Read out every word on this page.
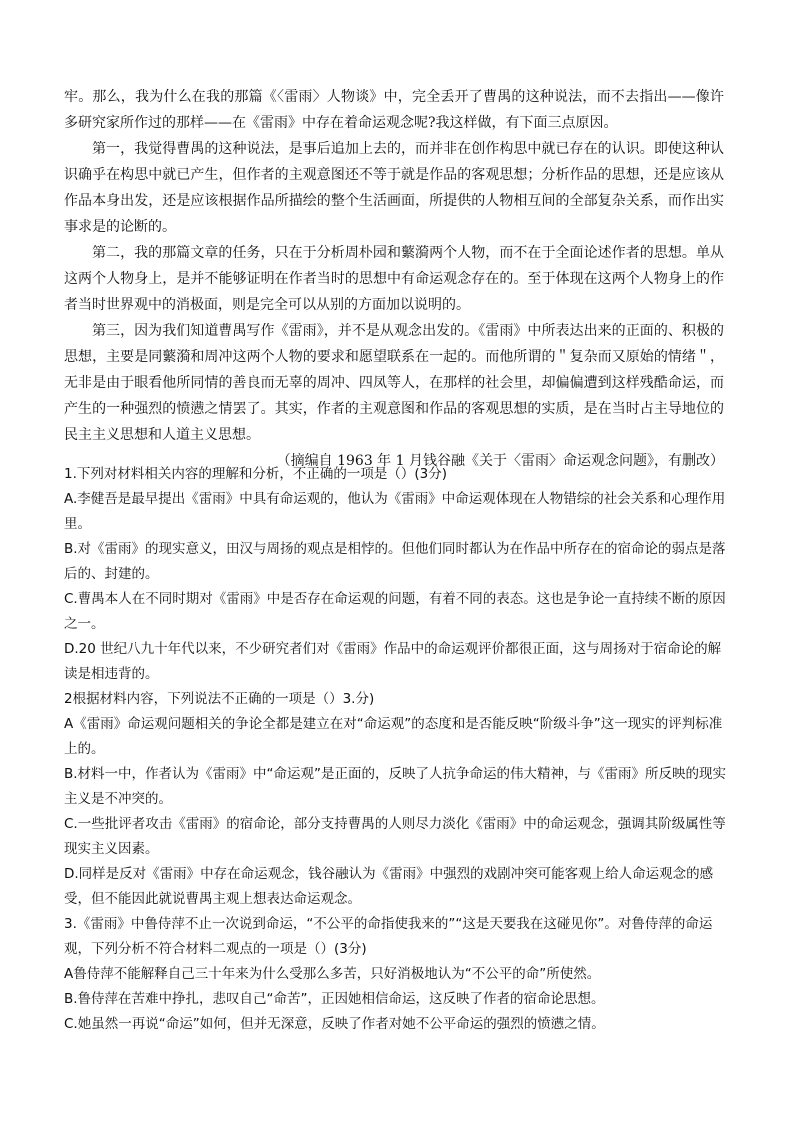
牢。那么，我为什么在我的那篇《〈雷雨〉人物谈》中，完全丢开了曹禺的这种说法，而不去指出——像许多研究家所作过的那样——在《雷雨》中存在着命运观念呢?我这样做，有下面三点原因。

第一，我觉得曹禺的这种说法，是事后追加上去的，而并非在创作构思中就已存在的认识。即使这种认识确乎在构思中就已产生，但作者的主观意图还不等于就是作品的客观思想；分析作品的思想，还是应该从作品本身出发，还是应该根据作品所描绘的整个生活画面，所提供的人物相互间的全部复杂关系，而作出实事求是的论断的。

第二，我的那篇文章的任务，只在于分析周朴园和蘩漪两个人物，而不在于全面论述作者的思想。单从这两个人物身上，是并不能够证明在作者当时的思想中有命运观念存在的。至于体现在这两个人物身上的作者当时世界观中的消极面，则是完全可以从别的方面加以说明的。

第三，因为我们知道曹禺写作《雷雨》，并不是从观念出发的。《雷雨》中所表达出来的正面的、积极的思想，主要是同蘩漪和周冲这两个人物的要求和愿望联系在一起的。而他所谓的＂复杂而又原始的情绪＂，无非是由于眼看他所同情的善良而无辜的周冲、四凤等人，在那样的社会里，却偏偏遭到这样残酷命运，而产生的一种强烈的愤懑之情罢了。其实，作者的主观意图和作品的客观思想的实质，是在当时占主导地位的民主主义思想和人道主义思想。

（摘编自 1963 年 1 月钱谷融《关于〈雷雨〉命运观念问题》，有删改）

1.下列对材料相关内容的理解和分析，不正确的一项是（）(3分)

A.李健吾是最早提出《雷雨》中具有命运观的，他认为《雷雨》中命运观体现在人物错综的社会关系和心理作用里。

B.对《雷雨》的现实意义，田汉与周扬的观点是相悖的。但他们同时都认为在作品中所存在的宿命论的弱点是落后的、封建的。

C.曹禺本人在不同时期对《雷雨》中是否存在命运观的问题，有着不同的表态。这也是争论一直持续不断的原因之一。

D.20 世纪八九十年代以来，不少研究者们对《雷雨》作品中的命运观评价都很正面，这与周扬对于宿命论的解读是相违背的。

2根据材料内容，下列说法不正确的一项是（）3.分)

A《雷雨》命运观问题相关的争论全都是建立在对“命运观”的态度和是否能反映“阶级斗争”这一现实的评判标准上的。

B.材料一中，作者认为《雷雨》中“命运观”是正面的，反映了人抗争命运的伟大精神，与《雷雨》所反映的现实主义是不冲突的。

C.一些批评者攻击《雷雨》的宿命论，部分支持曹禺的人则尽力淡化《雷雨》中的命运观念，强调其阶级属性等现实主义因素。

D.同样是反对《雷雨》中存在命运观念，钱谷融认为《雷雨》中强烈的戏剧冲突可能客观上给人命运观念的感受，但不能因此就说曹禺主观上想表达命运观念。

3.《雷雨》中鲁侍萍不止一次说到命运，“不公平的命指使我来的”“这是天要我在这碰见你”。对鲁侍萍的命运观，下列分析不符合材料二观点的一项是（）(3分)

A鲁侍萍不能解释自己三十年来为什么受那么多苦，只好消极地认为“不公平的命”所使然。

B.鲁侍萍在苦难中挣扎，悲叹自己“命苦”，正因她相信命运，这反映了作者的宿命论思想。

C.她虽然一再说“命运”如何，但并无深意，反映了作者对她不公平命运的强烈的愤懑之情。
